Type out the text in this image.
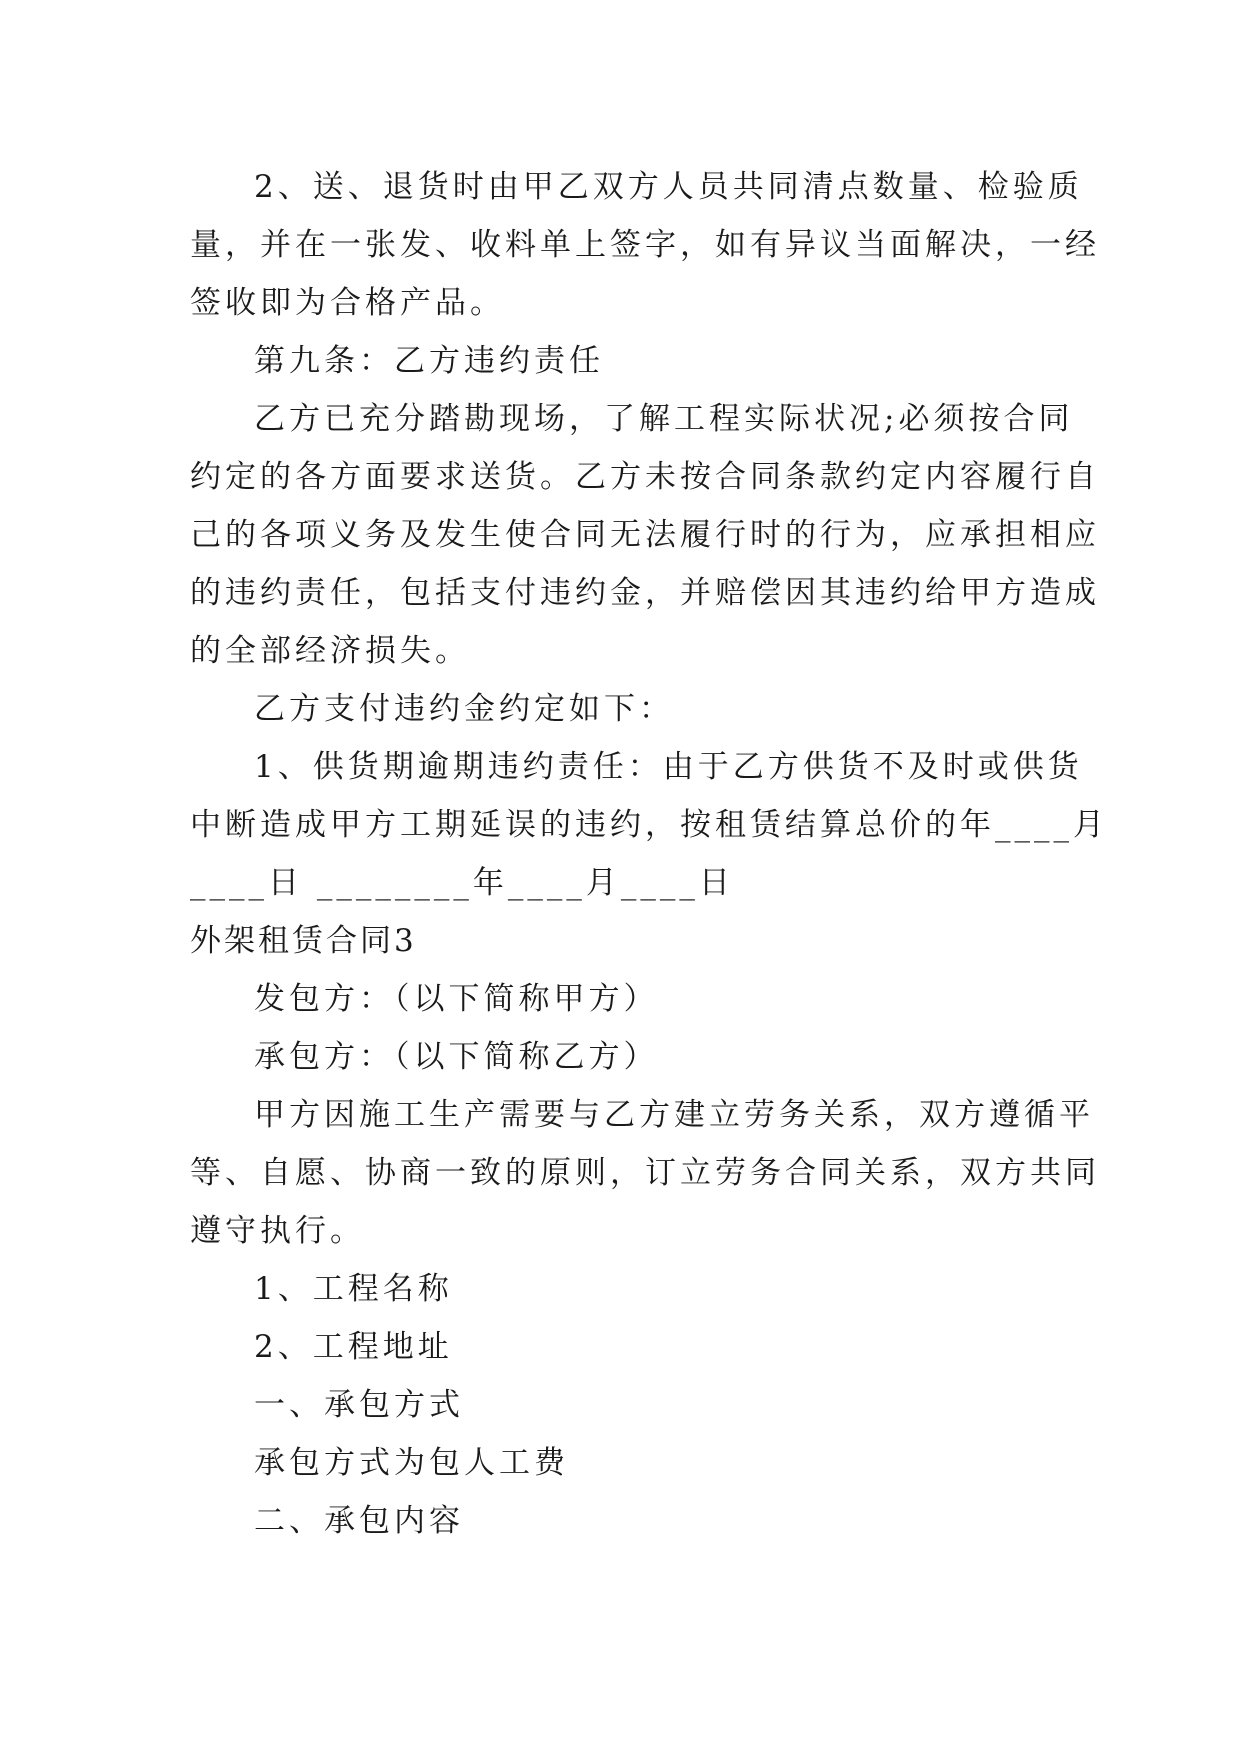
2、送、退货时由甲乙双方人员共同清点数量、检验质
量，并在一张发、收料单上签字，如有异议当面解决，一经
签收即为合格产品。

第九条：乙方违约责任

乙方已充分踏勘现场，了解工程实际状况;必须按合同
约定的各方面要求送货。乙方未按合同条款约定内容履行自
己的各项义务及发生使合同无法履行时的行为，应承担相应
的违约责任，包括支付违约金，并赔偿因其违约给甲方造成
的全部经济损失。

乙方支付违约金约定如下：

1、供货期逾期违约责任：由于乙方供货不及时或供货
中断造成甲方工期延误的违约，按租赁结算总价的年____月
____日 ________年____月____日

外架租赁合同3

发包方：（以下简称甲方）

承包方：（以下简称乙方）

甲方因施工生产需要与乙方建立劳务关系，双方遵循平
等、自愿、协商一致的原则，订立劳务合同关系，双方共同
遵守执行。

1、工程名称

2、工程地址

一、承包方式

承包方式为包人工费

二、承包内容
